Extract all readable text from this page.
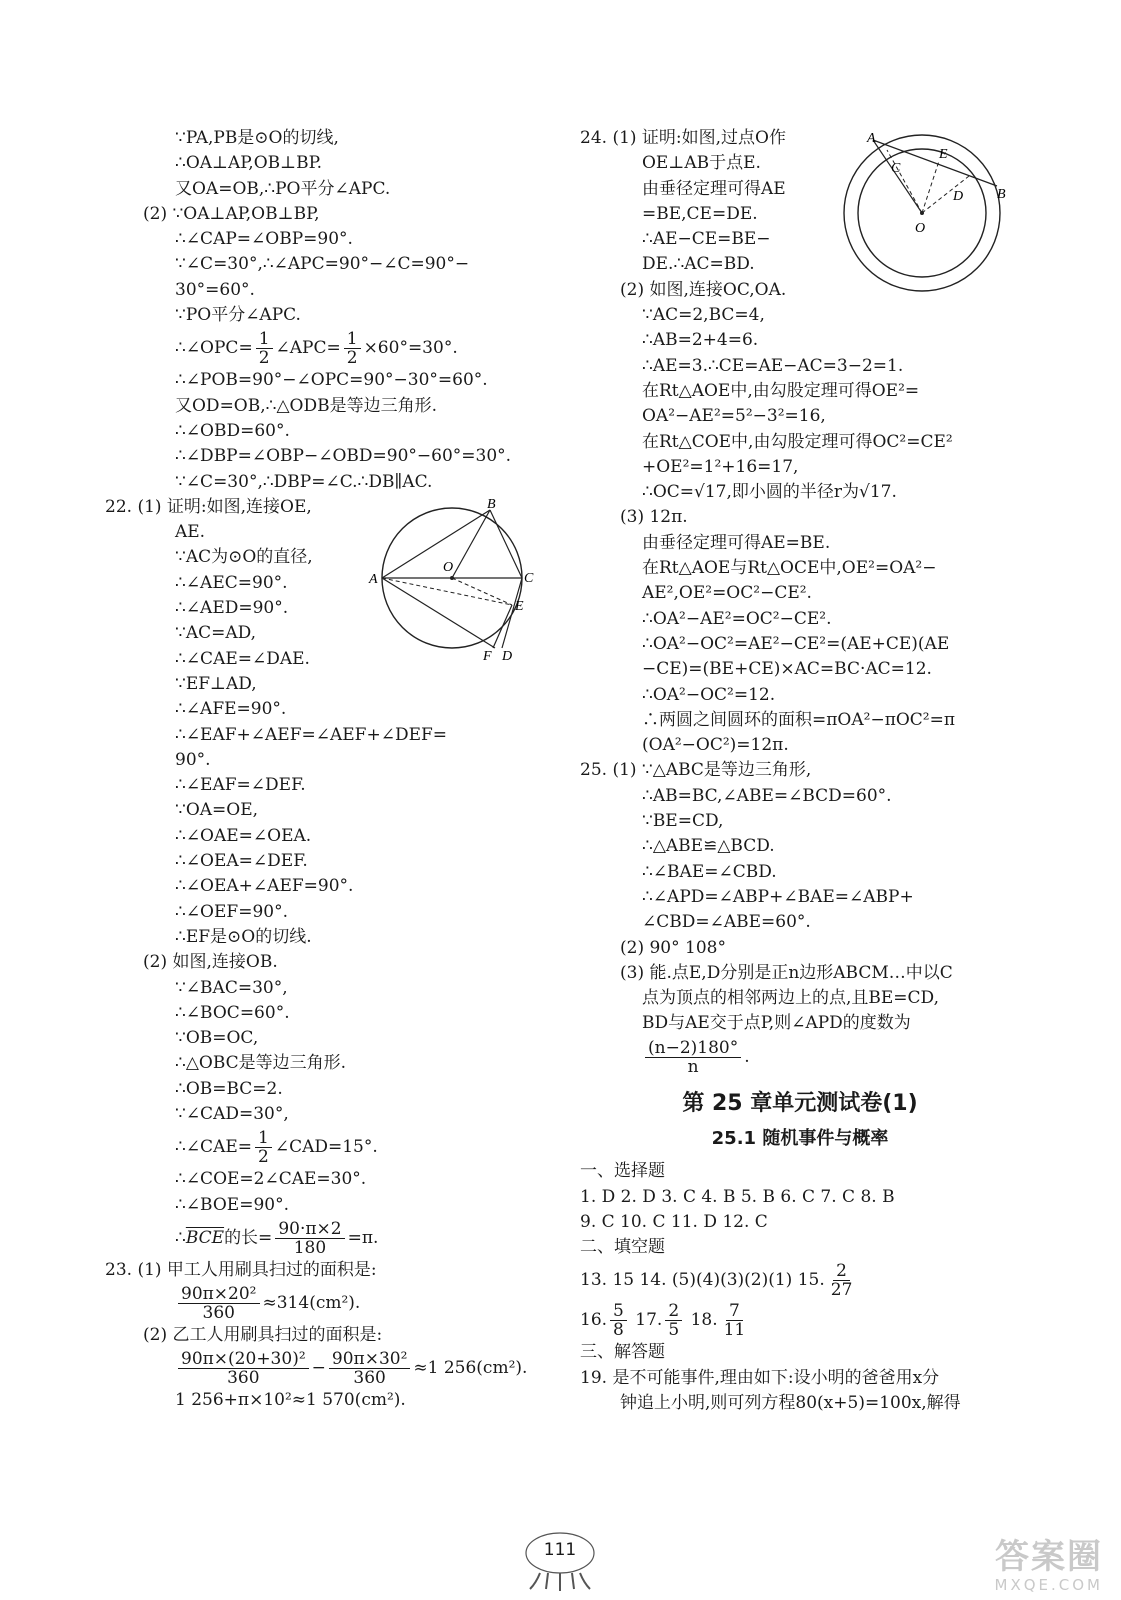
∵PA,PB是⊙O的切线,
∴OA⊥AP,OB⊥BP.
又OA=OB,∴PO平分∠APC.
(2) ∵OA⊥AP,OB⊥BP,
∴∠CAP=∠OBP=90°.
∵∠C=30°,∴∠APC=90°−∠C=90°−
30°=60°.
∵PO平分∠APC.
∴∠OPC= $\frac{1}{2}$ ∠APC= $\frac{1}{2} \times 60^\circ=30^\circ$.
∴∠POB=90°−∠OPC=90°−30°=60°.
又OD=OB,∴△ODB是等边三角形.
∴∠OBD=60°.
∴∠DBP=∠OBP−∠OBD=90°−60°=30°.
∵∠C=30°,∴DBP=∠C.∴DB∥AC.
22. (1) 证明:如图,连接OE,
AE.
∵AC为⊙O的直径,
∴∠AEC=90°.
∴∠AED=90°.
∵AC=AD,
∴∠CAE=∠DAE.
∵EF⊥AD,
∴∠AFE=90°.
∴∠EAF+∠AEF=∠AEF+∠DEF=
90°.
∴∠EAF=∠DEF.
∵OA=OE,
∴∠OAE=∠OEA.
∴∠OEA=∠DEF.
∴∠OEA+∠AEF=90°.
∴∠OEF=90°.
∴EF是⊙O的切线.
(2) 如图,连接OB.
∵∠BAC=30°,
∴∠BOC=60°.
∵OB=OC,
∴△OBC是等边三角形.
∴OB=BC=2.
∵∠CAD=30°,
∴∠CAE= $\frac{1}{2}$ ∠CAD=15°.
∴∠COE=2∠CAE=30°.
∴∠BOE=90°.
$\therefore\overline{BCE}$的长= $\frac{90\cdot\pi\times 2}{180} =\pi$.
23. (1) 甲工人用刷具扫过的面积是:
$\frac{\text{90π×20²}}{360} \approx 314(cm^2)$.
(2) 乙工人用刷具扫过的面积是:
$\frac{\text{90π×(20+30)²}}{360} - \frac{\text{90π×30²}}{360} \approx 1$ 256(cm²).
1 256+π×10²≈1 570(cm²).
A
B
C
O
E
F D
24. (1) 证明:如图,过点O作
OE⊥AB于点E.
由垂径定理可得AE
=BE,CE=DE.
∴AE−CE=BE−
DE.∴AC=BD.
(2) 如图,连接OC,OA.
∵AC=2,BC=4,
∴AB=2+4=6.
∴AE=3.∴CE=AE−AC=3−2=1.
在Rt△AOE中,由勾股定理可得OE²=
OA²−AE²=5²−3²=16,
在Rt△COE中,由勾股定理可得OC²=CE²
+OE²=1²+16=17,
∴OC=√17,即小圆的半径r为√17.
(3) 12π.
由垂径定理可得AE=BE.
在Rt△AOE与Rt△OCE中,OE²=OA²−
AE²,OE²=OC²−CE².
∴OA²−AE²=OC²−CE².
∴OA²−OC²=AE²−CE²=(AE+CE)(AE
−CE)=(BE+CE)×AC=BC·AC=12.
∴OA²−OC²=12.
∴两圆之间圆环的面积=πOA²−πOC²=π
(OA²−OC²)=12π.
25. (1) ∵△ABC是等边三角形,
∴AB=BC,∠ABE=∠BCD=60°.
∵BE=CD,
∴△ABE≌△BCD.
∴∠BAE=∠CBD.
∴∠APD=∠ABP+∠BAE=∠ABP+
∠CBD=∠ABE=60°.
(2) 90° 108°
(3) 能.点E,D分别是正n边形ABCM…中以C
点为顶点的相邻两边上的点,且BE=CD,
BD与AE交于点P,则∠APD的度数为
$\frac{(n-2)180^\circ}{n}$ .
第 25 章单元测试卷(1)
25.1 随机事件与概率
一、选择题
1. D 2. D 3. C 4. B 5. B 6. C 7. C 8. B
9. C 10. C 11. D 12. C
二、填空题
13. 15 14. (5)(4)(3)(2)(1) 15. $\frac{2}{27}$
16. $\frac{5}{8} 17$. $\frac{2}{5} 18$. $\frac{7}{11}$
三、解答题
19. 是不可能事件,理由如下:设小明的爸爸用x分
钟追上小明,则可列方程80(x+5)=100x,解得
A
C
E
D B
O
111	答案圈
MXQE.COM
